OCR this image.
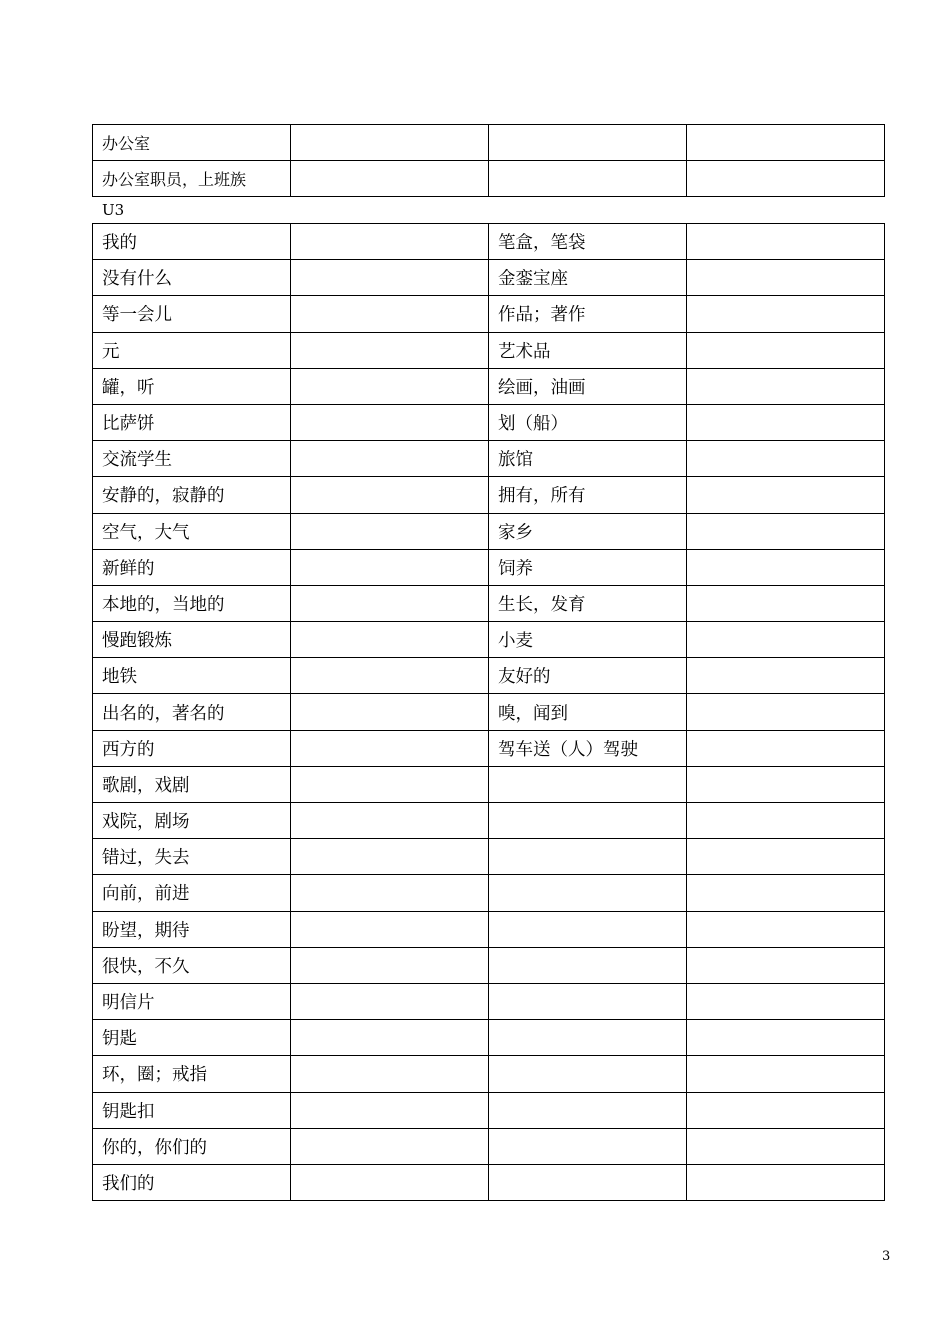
办公室			
办公室职员，上班族			
U3
我的		笔盒，笔袋	
没有什么		金銮宝座	
等一会儿		作品；著作	
元		艺术品	
罐，听		绘画，油画	
比萨饼		划（船）	
交流学生		旅馆	
安静的，寂静的		拥有，所有	
空气，大气		家乡	
新鲜的		饲养	
本地的，当地的		生长，发育	
慢跑锻炼		小麦	
地铁		友好的	
出名的，著名的		嗅，闻到	
西方的		驾车送（人）驾驶	
歌剧，戏剧			
戏院，剧场			
错过，失去			
向前，前进			
盼望，期待			
很快，不久			
明信片			
钥匙			
环，圈；戒指			
钥匙扣			
你的，你们的			
我们的			
3
